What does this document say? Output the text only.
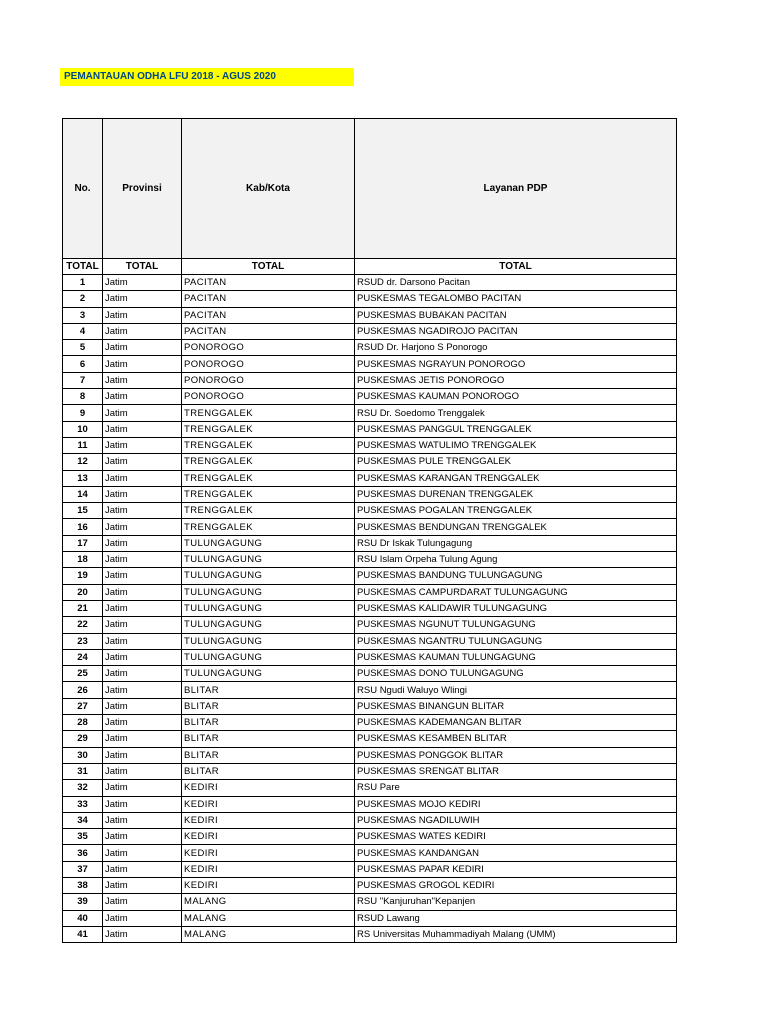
PEMANTAUAN ODHA LFU 2018 - AGUS 2020
No.	Provinsi	Kab/Kota	Layanan PDP
TOTAL	TOTAL	TOTAL	TOTAL
1	Jatim	PACITAN	RSUD dr. Darsono Pacitan
2	Jatim	PACITAN	PUSKESMAS TEGALOMBO PACITAN
3	Jatim	PACITAN	PUSKESMAS BUBAKAN PACITAN
4	Jatim	PACITAN	PUSKESMAS NGADIROJO PACITAN
5	Jatim	PONOROGO	RSUD Dr. Harjono S Ponorogo
6	Jatim	PONOROGO	PUSKESMAS NGRAYUN PONOROGO
7	Jatim	PONOROGO	PUSKESMAS JETIS PONOROGO
8	Jatim	PONOROGO	PUSKESMAS KAUMAN PONOROGO
9	Jatim	TRENGGALEK	RSU Dr. Soedomo Trenggalek
10	Jatim	TRENGGALEK	PUSKESMAS PANGGUL TRENGGALEK
11	Jatim	TRENGGALEK	PUSKESMAS WATULIMO TRENGGALEK
12	Jatim	TRENGGALEK	PUSKESMAS PULE TRENGGALEK
13	Jatim	TRENGGALEK	PUSKESMAS KARANGAN TRENGGALEK
14	Jatim	TRENGGALEK	PUSKESMAS DURENAN TRENGGALEK
15	Jatim	TRENGGALEK	PUSKESMAS POGALAN TRENGGALEK
16	Jatim	TRENGGALEK	PUSKESMAS BENDUNGAN TRENGGALEK
17	Jatim	TULUNGAGUNG	RSU Dr Iskak Tulungagung
18	Jatim	TULUNGAGUNG	RSU Islam Orpeha Tulung Agung
19	Jatim	TULUNGAGUNG	PUSKESMAS BANDUNG TULUNGAGUNG
20	Jatim	TULUNGAGUNG	PUSKESMAS CAMPURDARAT TULUNGAGUNG
21	Jatim	TULUNGAGUNG	PUSKESMAS KALIDAWIR TULUNGAGUNG
22	Jatim	TULUNGAGUNG	PUSKESMAS NGUNUT TULUNGAGUNG
23	Jatim	TULUNGAGUNG	PUSKESMAS NGANTRU TULUNGAGUNG
24	Jatim	TULUNGAGUNG	PUSKESMAS KAUMAN TULUNGAGUNG
25	Jatim	TULUNGAGUNG	PUSKESMAS DONO TULUNGAGUNG
26	Jatim	BLITAR	RSU Ngudi Waluyo Wlingi
27	Jatim	BLITAR	PUSKESMAS BINANGUN BLITAR
28	Jatim	BLITAR	PUSKESMAS KADEMANGAN BLITAR
29	Jatim	BLITAR	PUSKESMAS KESAMBEN BLITAR
30	Jatim	BLITAR	PUSKESMAS PONGGOK BLITAR
31	Jatim	BLITAR	PUSKESMAS SRENGAT BLITAR
32	Jatim	KEDIRI	RSU Pare
33	Jatim	KEDIRI	PUSKESMAS MOJO KEDIRI
34	Jatim	KEDIRI	PUSKESMAS NGADILUWIH
35	Jatim	KEDIRI	PUSKESMAS WATES KEDIRI
36	Jatim	KEDIRI	PUSKESMAS KANDANGAN
37	Jatim	KEDIRI	PUSKESMAS PAPAR KEDIRI
38	Jatim	KEDIRI	PUSKESMAS GROGOL KEDIRI
39	Jatim	MALANG	RSU "Kanjuruhan"Kepanjen
40	Jatim	MALANG	RSUD Lawang
41	Jatim	MALANG	RS Universitas Muhammadiyah Malang (UMM)
